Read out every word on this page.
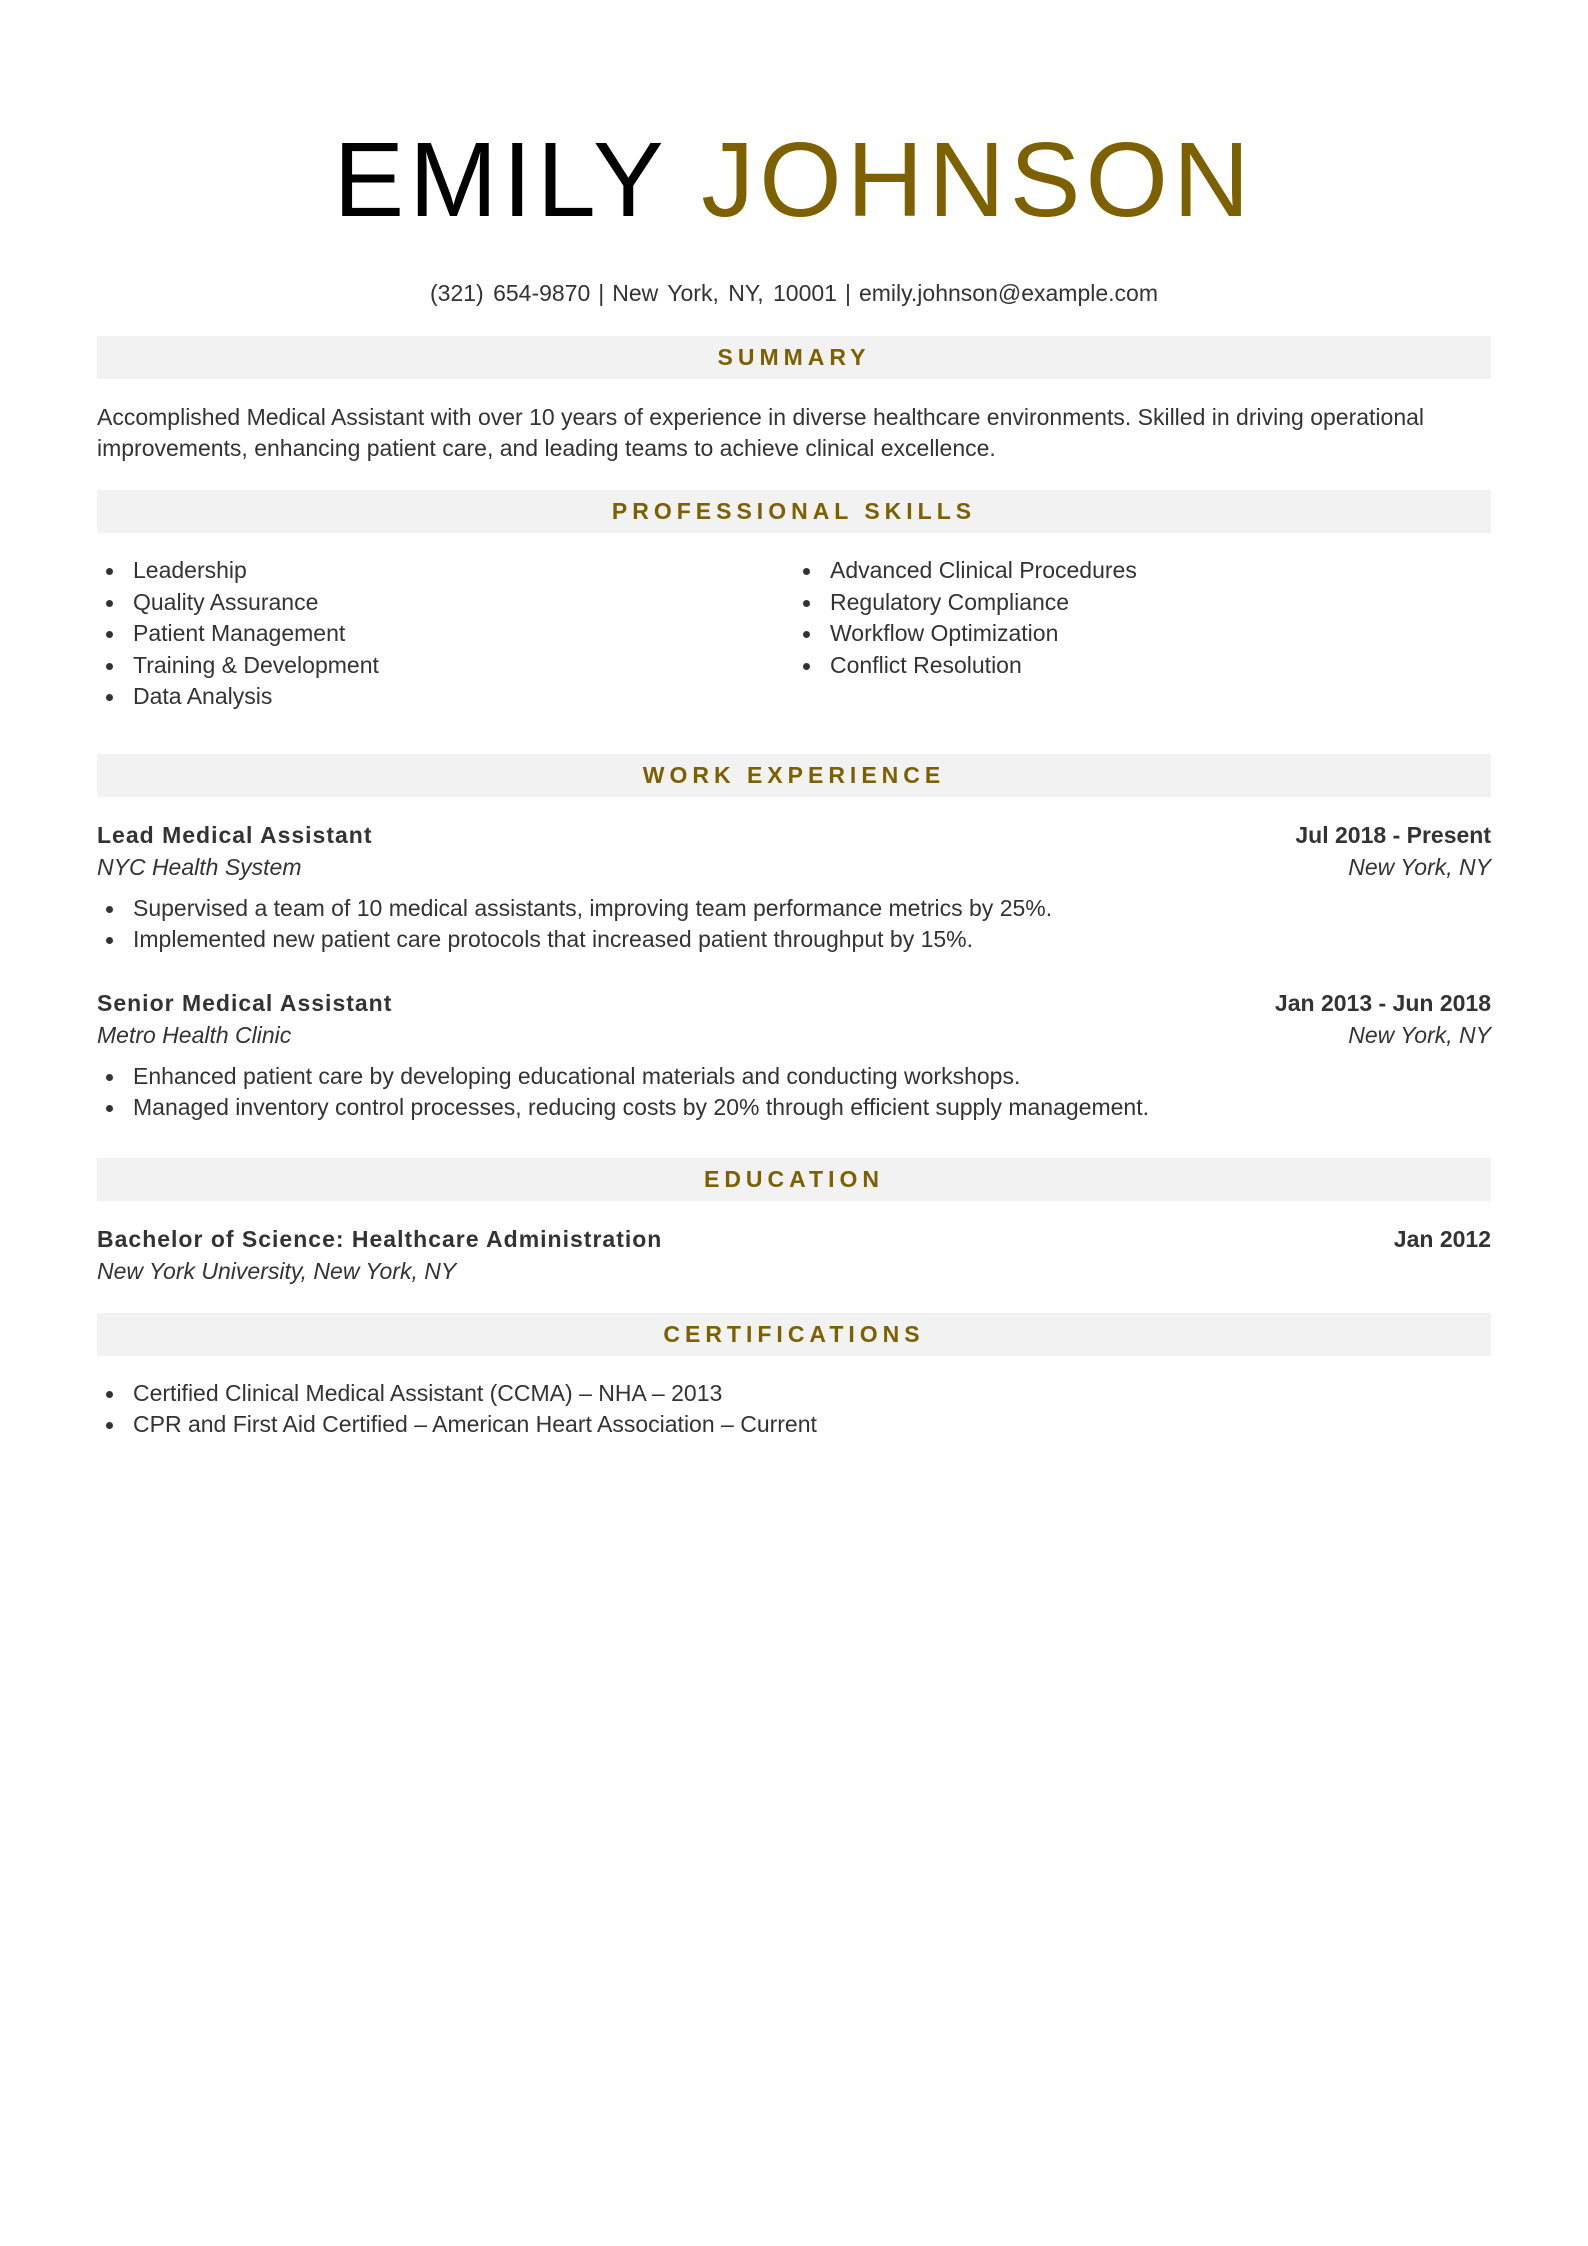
EMILY JOHNSON
(321) 654-9870 | New York, NY, 10001 | emily.johnson@example.com
SUMMARY

Accomplished Medical Assistant with over 10 years of experience in diverse healthcare environments. Skilled in driving operational improvements, enhancing patient care, and leading teams to achieve clinical excellence.

PROFESSIONAL SKILLS
Leadership
Quality Assurance
Patient Management
Training & Development
Data Analysis
Advanced Clinical Procedures
Regulatory Compliance
Workflow Optimization
Conflict Resolution
WORK EXPERIENCE
Lead Medical Assistant	Jul 2018 - Present
NYC Health System	New York, NY
Supervised a team of 10 medical assistants, improving team performance metrics by 25%.
Implemented new patient care protocols that increased patient throughput by 15%.
Senior Medical Assistant	Jan 2013 - Jun 2018
Metro Health Clinic	New York, NY
Enhanced patient care by developing educational materials and conducting workshops.
Managed inventory control processes, reducing costs by 20% through efficient supply management.
EDUCATION
Bachelor of Science: Healthcare Administration	Jan 2012
New York University, New York, NY
CERTIFICATIONS
Certified Clinical Medical Assistant (CCMA) – NHA – 2013
CPR and First Aid Certified – American Heart Association – Current
